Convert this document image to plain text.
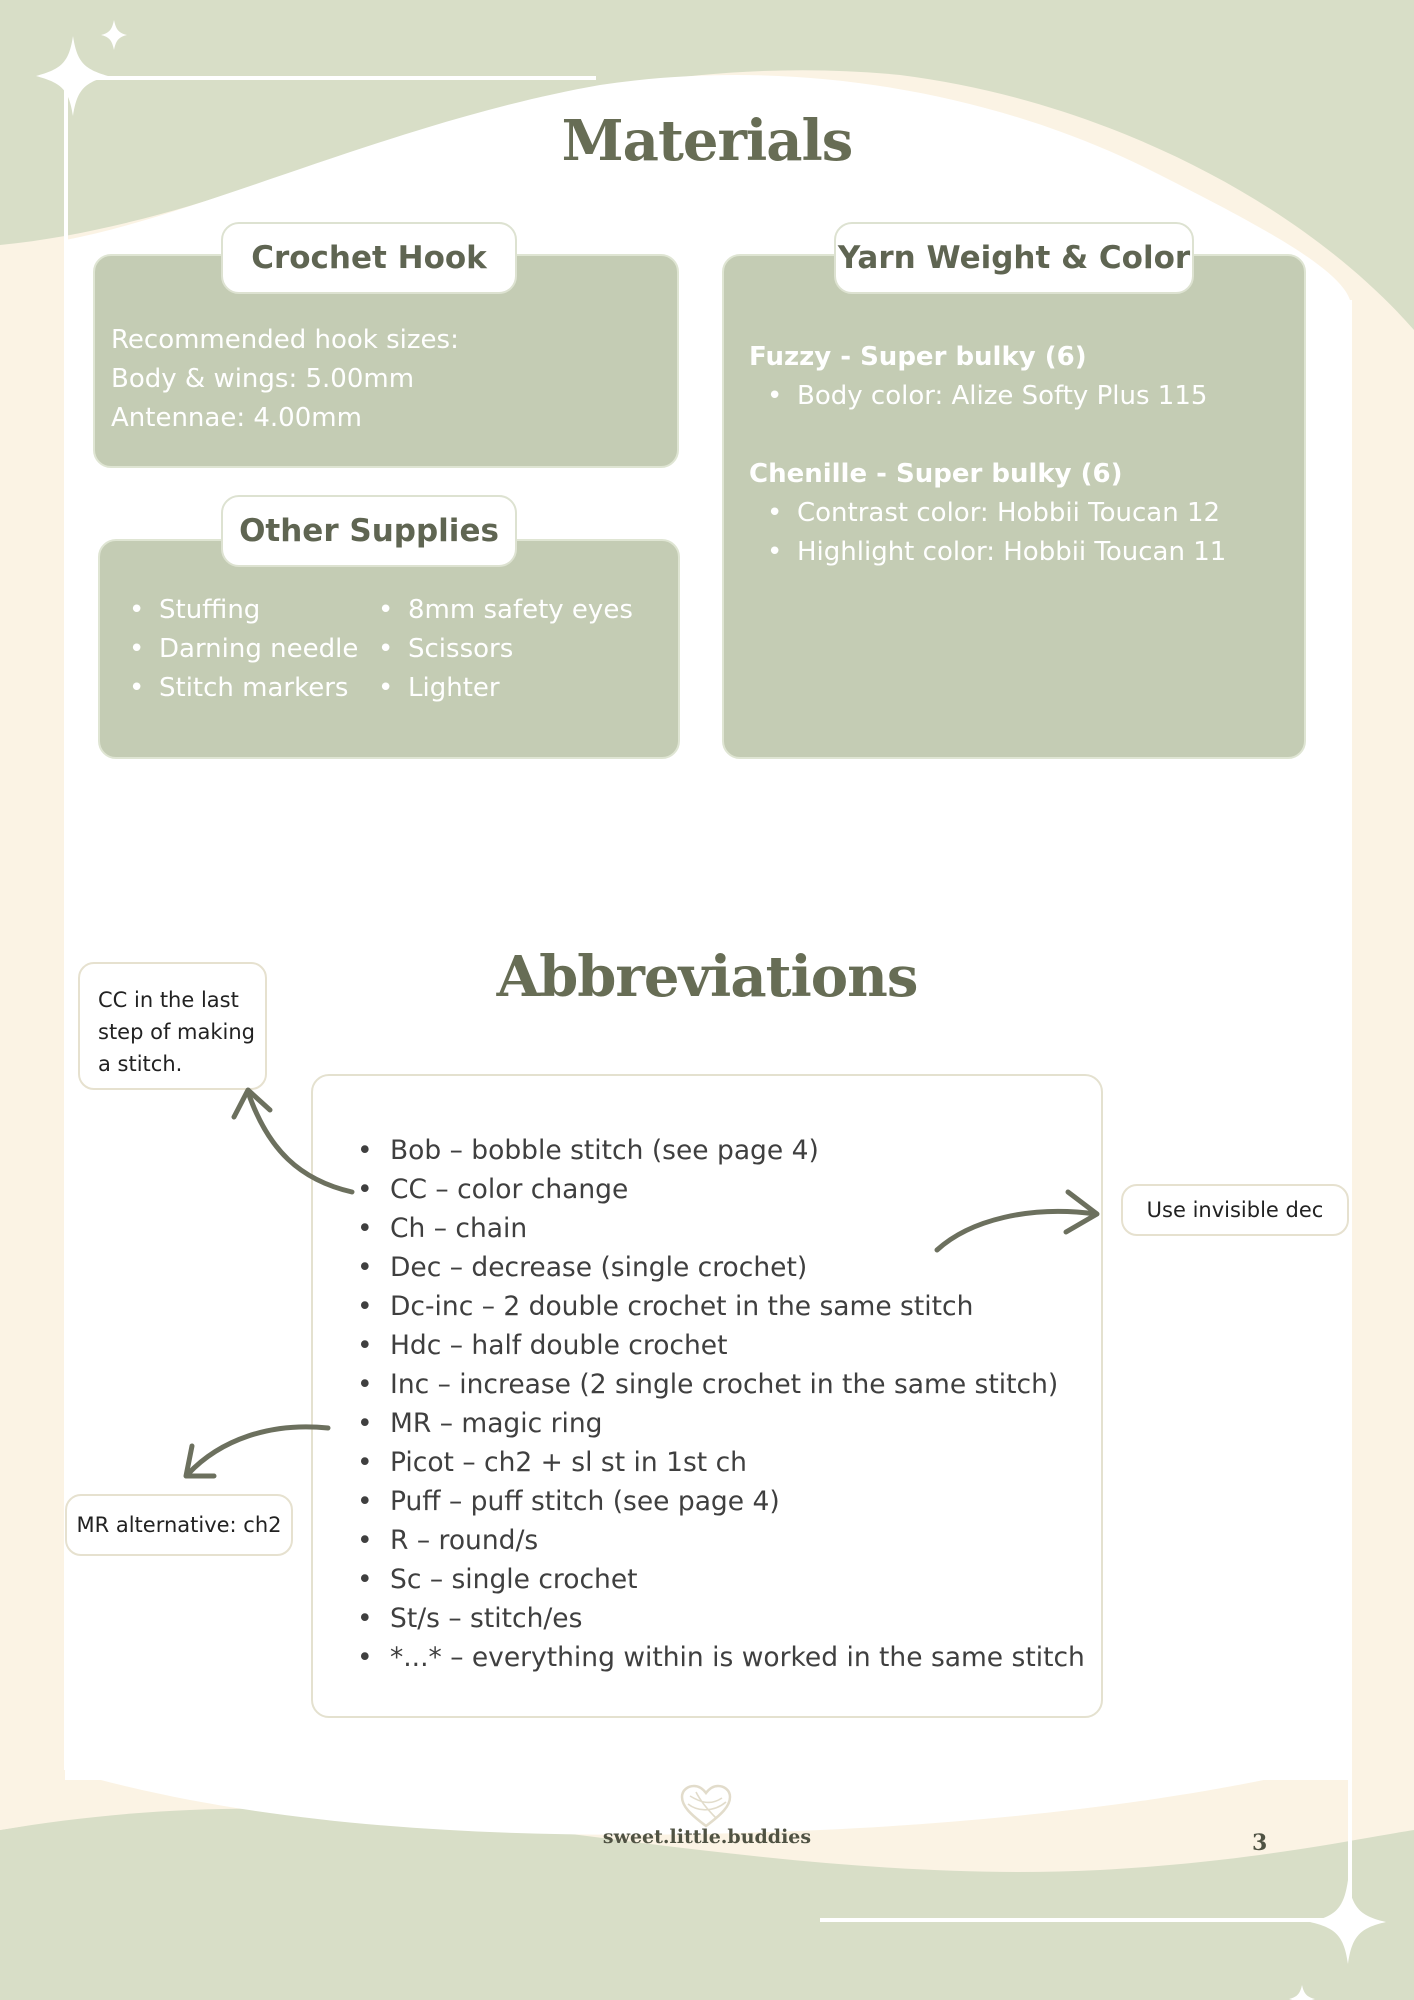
Materials
Crochet Hook
Recommended hook sizes:
Body & wings: 5.00mm
Antennae: 4.00mm
Other Supplies
• Stuffing
• Darning needle
• Stitch markers
• 8mm safety eyes
• Scissors
• Lighter
Yarn Weight & Color
Fuzzy - Super bulky (6)
• Body color: Alize Softy Plus 115
Chenille - Super bulky (6)
• Contrast color: Hobbii Toucan 12
• Highlight color: Hobbii Toucan 11
Abbreviations
• Bob – bobble stitch (see page 4)
• CC – color change
• Ch – chain
• Dec – decrease (single crochet)
• Dc-inc – 2 double crochet in the same stitch
• Hdc – half double crochet
• Inc – increase (2 single crochet in the same stitch)
• MR – magic ring
• Picot – ch2 + sl st in 1st ch
• Puff – puff stitch (see page 4)
• R – round/s
• Sc – single crochet
• St/s – stitch/es
• *...* – everything within is worked in the same stitch
CC in the last
step of making
a stitch.
Use invisible dec
MR alternative: ch2
sweet.little.buddies	3
